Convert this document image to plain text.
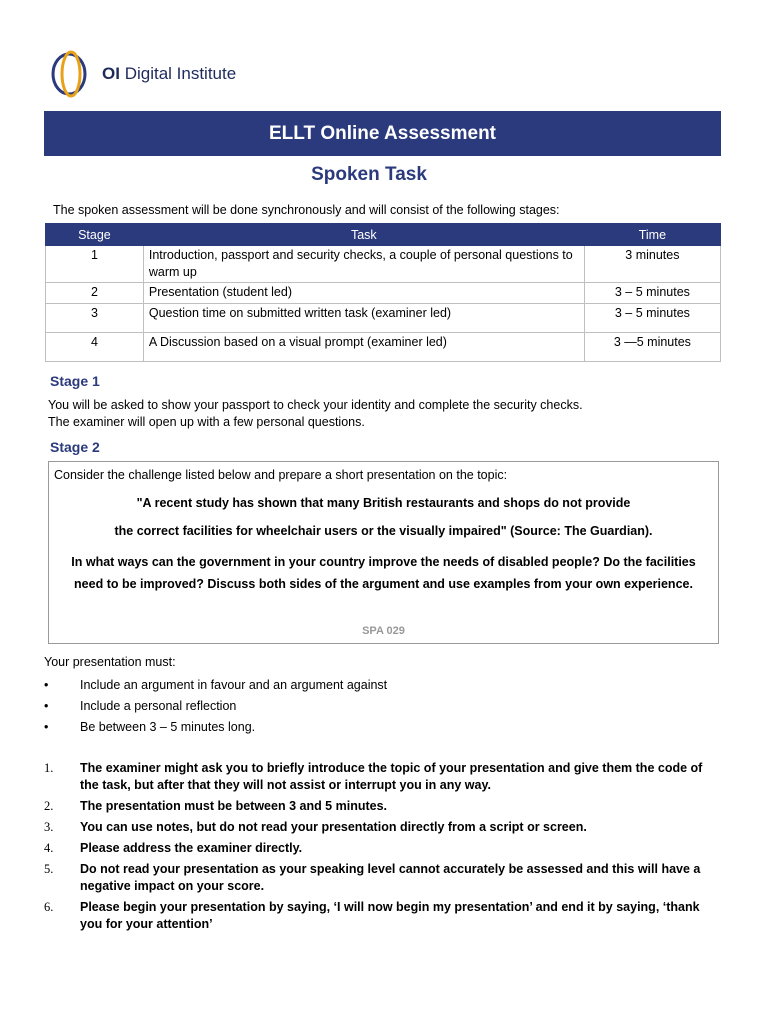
OI Digital Institute
ELLT Online Assessment
Spoken Task
The spoken assessment will be done synchronously and will consist of the following stages:
Stage	Task	Time
1	Introduction, passport and security checks, a couple of personal questions to warm up	3 minutes
2	Presentation (student led)	3 – 5 minutes
3	Question time on submitted written task (examiner led)	3 – 5 minutes
4	A Discussion based on a visual prompt (examiner led)	3 —5 minutes
Stage 1
You will be asked to show your passport to check your identity and complete the security checks.
The examiner will open up with a few personal questions.
Stage 2
Consider the challenge listed below and prepare a short presentation on the topic:
"A recent study has shown that many British restaurants and shops do not provide
the correct facilities for wheelchair users or the visually impaired" (Source: The Guardian).
In what ways can the government in your country improve the needs of disabled people? Do the facilities need to be improved? Discuss both sides of the argument and use examples from your own experience.
SPA 029
Your presentation must:
• Include an argument in favour and an argument against
• Include a personal reflection
• Be between 3 – 5 minutes long.
1. The examiner might ask you to briefly introduce the topic of your presentation and give them the code of the task, but after that they will not assist or interrupt you in any way.
2. The presentation must be between 3 and 5 minutes.
3. You can use notes, but do not read your presentation directly from a script or screen.
4. Please address the examiner directly.
5. Do not read your presentation as your speaking level cannot accurately be assessed and this will have a negative impact on your score.
6. Please begin your presentation by saying, ‘I will now begin my presentation’ and end it by saying, ‘thank you for your attention’
